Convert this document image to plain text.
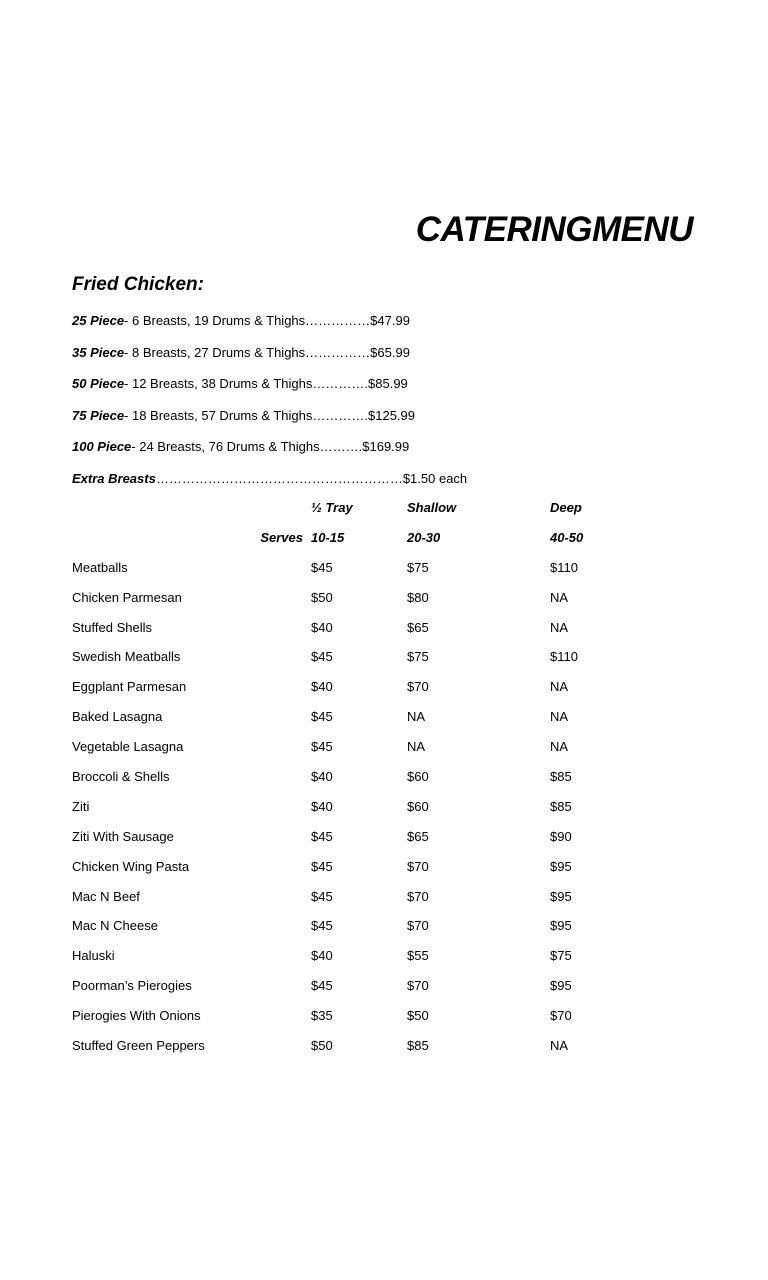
CATERINGMENU
Fried Chicken:
25 Piece- 6 Breasts, 19 Drums & Thighs……………$47.99
35 Piece- 8 Breasts, 27 Drums & Thighs……………$65.99
50 Piece- 12 Breasts, 38 Drums & Thighs………….$85.99
75 Piece- 18 Breasts, 57 Drums & Thighs………….$125.99
100 Piece- 24 Breasts, 76 Drums & Thighs……….$169.99
Extra Breasts…………………………………………………$1.50 each
	½ Tray	Shallow	Deep
Serves	10-15	20-30	40-50
Meatballs	$45	$75	$110
Chicken Parmesan	$50	$80	NA
Stuffed Shells	$40	$65	NA
Swedish Meatballs	$45	$75	$110
Eggplant Parmesan	$40	$70	NA
Baked Lasagna	$45	NA	NA
Vegetable Lasagna	$45	NA	NA
Broccoli & Shells	$40	$60	$85
Ziti	$40	$60	$85
Ziti With Sausage	$45	$65	$90
Chicken Wing Pasta	$45	$70	$95
Mac N Beef	$45	$70	$95
Mac N Cheese	$45	$70	$95
Haluski	$40	$55	$75
Poorman’s Pierogies	$45	$70	$95
Pierogies With Onions	$35	$50	$70
Stuffed Green Peppers	$50	$85	NA
